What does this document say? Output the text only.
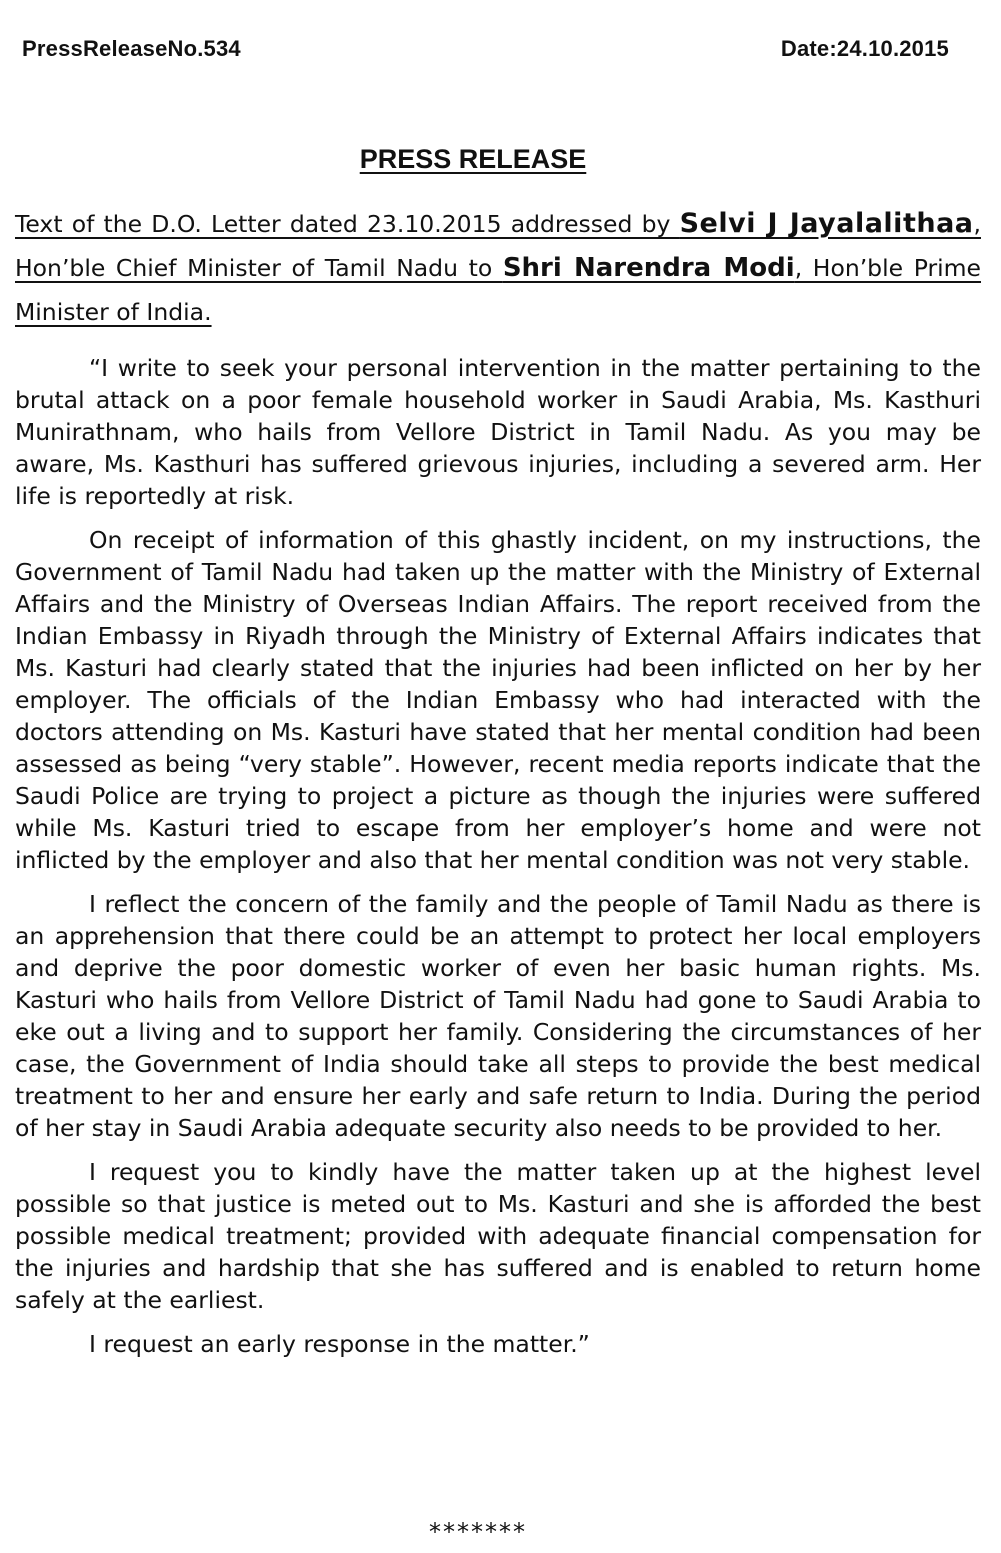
PressReleaseNo.534	Date:24.10.2015
PRESS RELEASE
Text of the D.O. Letter dated 23.10.2015 addressed by Selvi J Jayalalithaa, Hon’ble Chief Minister of Tamil Nadu to Shri Narendra Modi, Hon’ble Prime Minister of India.

“I write to seek your personal intervention in the matter pertaining to the brutal attack on a poor female household worker in Saudi Arabia, Ms. Kasthuri Munirathnam, who hails from Vellore District in Tamil Nadu. As you may be aware, Ms. Kasthuri has suffered grievous injuries, including a severed arm. Her life is reportedly at risk.

On receipt of information of this ghastly incident, on my instructions, the Government of Tamil Nadu had taken up the matter with the Ministry of External Affairs and the Ministry of Overseas Indian Affairs. The report received from the Indian Embassy in Riyadh through the Ministry of External Affairs indicates that Ms. Kasturi had clearly stated that the injuries had been inflicted on her by her employer. The officials of the Indian Embassy who had interacted with the doctors attending on Ms. Kasturi have stated that her mental condition had been assessed as being “very stable”. However, recent media reports indicate that the Saudi Police are trying to project a picture as though the injuries were suffered while Ms. Kasturi tried to escape from her employer’s home and were not inflicted by the employer and also that her mental condition was not very stable.

I reflect the concern of the family and the people of Tamil Nadu as there is an apprehension that there could be an attempt to protect her local employers and deprive the poor domestic worker of even her basic human rights. Ms. Kasturi who hails from Vellore District of Tamil Nadu had gone to Saudi Arabia to eke out a living and to support her family. Considering the circumstances of her case, the Government of India should take all steps to provide the best medical treatment to her and ensure her early and safe return to India. During the period of her stay in Saudi Arabia adequate security also needs to be provided to her.

I request you to kindly have the matter taken up at the highest level possible so that justice is meted out to Ms. Kasturi and she is afforded the best possible medical treatment; provided with adequate financial compensation for the injuries and hardship that she has suffered and is enabled to return home safely at the earliest.

I request an early response in the matter.”

*******
